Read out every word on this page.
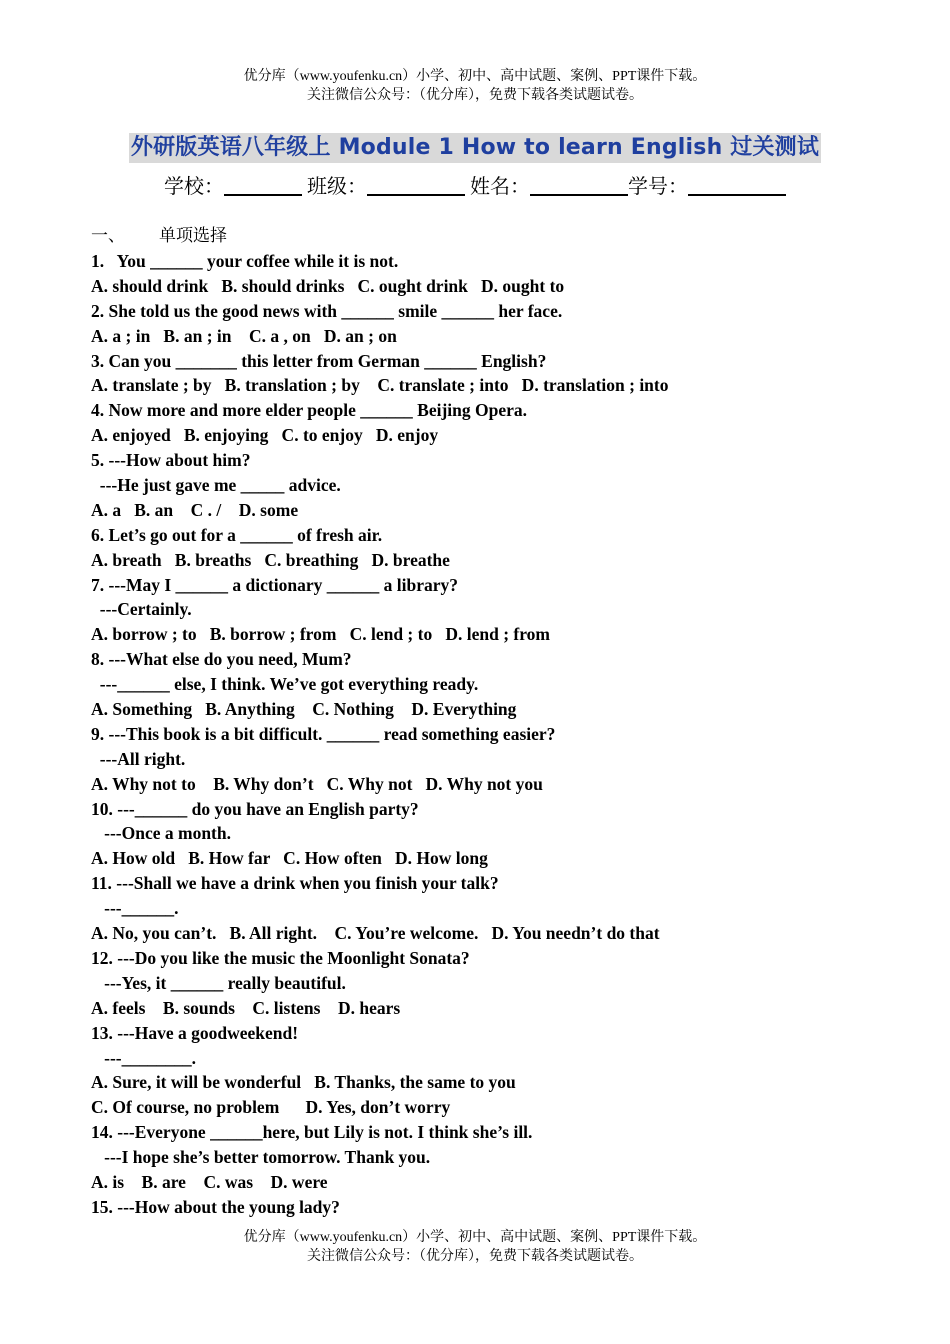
优分库（www.youfenku.cn）小学、初中、高中试题、案例、PPT课件下载。
关注微信公众号：（优分库），免费下载各类试题试卷。
外研版英语八年级上 Module 1 How to learn English 过关测试
学校：	班级：	姓名：	学号：
一、 单项选择
1.   You ______ your coffee while it is not.
A. should drink   B. should drinks   C. ought drink   D. ought to
2. She told us the good news with ______ smile ______ her face.
A. a ; in   B. an ; in    C. a , on   D. an ; on
3. Can you _______ this letter from German ______ English?
A. translate ; by   B. translation ; by    C. translate ; into   D. translation ; into
4. Now more and more elder people ______ Beijing Opera.
A. enjoyed   B. enjoying   C. to enjoy   D. enjoy
5. ---How about him?
---He just gave me _____ advice.
A. a   B. an    C . /    D. some
6. Let’s go out for a ______ of fresh air.
A. breath   B. breaths   C. breathing   D. breathe
7. ---May I ______ a dictionary ______ a library?
---Certainly.
A. borrow ; to   B. borrow ; from   C. lend ; to   D. lend ; from
8. ---What else do you need, Mum?
---______ else, I think. We’ve got everything ready.
A. Something   B. Anything    C. Nothing    D. Everything
9. ---This book is a bit difficult. ______ read something easier?
---All right.
A. Why not to    B. Why don’t   C. Why not   D. Why not you
10. ---______ do you have an English party?
---Once a month.
A. How old   B. How far   C. How often   D. How long
11. ---Shall we have a drink when you finish your talk?
---______.
A. No, you can’t.   B. All right.    C. You’re welcome.   D. You needn’t do that
12. ---Do you like the music the Moonlight Sonata?
---Yes, it ______ really beautiful.
A. feels    B. sounds    C. listens    D. hears
13. ---Have a goodweekend!
---________.
A. Sure, it will be wonderful   B. Thanks, the same to you
C. Of course, no problem      D. Yes, don’t worry
14. ---Everyone ______here, but Lily is not. I think she’s ill.
---I hope she’s better tomorrow. Thank you.
A. is    B. are    C. was    D. were
15. ---How about the young lady?
优分库（www.youfenku.cn）小学、初中、高中试题、案例、PPT课件下载。
关注微信公众号：（优分库），免费下载各类试题试卷。
